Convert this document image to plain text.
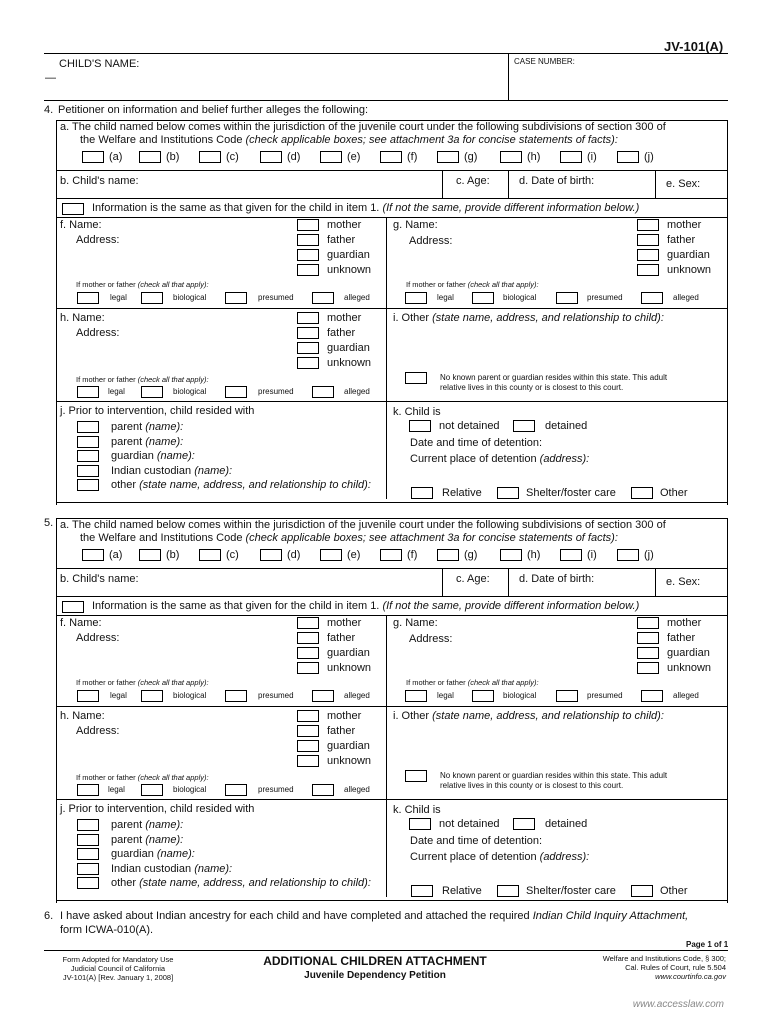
JV-101(A)
CHILD'S NAME:	CASE NUMBER:
—
4. Petitioner on information and belief further alleges the following:
a. The child named below comes within the jurisdiction of the juvenile court under the following subdivisions of section 300 of
the Welfare and Institutions Code (check applicable boxes; see attachment 3a for concise statements of facts):
(a)	(b)	(c)	(d)	(e)	(f)	(g)	(h)	(i)	(j)
b. Child's name:	c. Age:	d. Date of birth:	e. Sex:
Information is the same as that given for the child in item 1. (If not the same, provide different information below.)
f. Name:
Address:
mother
father
guardian
unknown
If mother or father (check all that apply):
legal	biological	presumed	alleged
g. Name:
Address:
mother
father
guardian
unknown
If mother or father (check all that apply):
legal	biological	presumed	alleged
h. Name:
Address:
mother
father
guardian
unknown
If mother or father (check all that apply):
legal	biological	presumed	alleged
i. Other (state name, address, and relationship to child):
No known parent or guardian resides within this state. This adult
relative lives in this county or is closest to this court.
j. Prior to intervention, child resided with
parent (name):
parent (name):
guardian (name):
Indian custodian (name):
other (state name, address, and relationship to child):
k. Child is
not detained	detained
Date and time of detention:
Current place of detention (address):
Relative	Shelter/foster care	Other
5. a. The child named below comes within the jurisdiction of the juvenile court under the following subdivisions of section 300 of
the Welfare and Institutions Code (check applicable boxes; see attachment 3a for concise statements of facts):
(a)	(b)	(c)	(d)	(e)	(f)	(g)	(h)	(i)	(j)
b. Child's name:	c. Age:	d. Date of birth:	e. Sex:
Information is the same as that given for the child in item 1. (If not the same, provide different information below.)
f. Name:
Address:
mother
father
guardian
unknown
If mother or father (check all that apply):
legal	biological	presumed	alleged
g. Name:
Address:
mother
father
guardian
unknown
If mother or father (check all that apply):
legal	biological	presumed	alleged
h. Name:
Address:
mother
father
guardian
unknown
If mother or father (check all that apply):
legal	biological	presumed	alleged
i. Other (state name, address, and relationship to child):
No known parent or guardian resides within this state. This adult
relative lives in this county or is closest to this court.
j. Prior to intervention, child resided with
parent (name):
parent (name):
guardian (name):
Indian custodian (name):
other (state name, address, and relationship to child):
k. Child is
not detained	detained
Date and time of detention:
Current place of detention (address):
Relative	Shelter/foster care	Other
6. I have asked about Indian ancestry for each child and have completed and attached the required Indian Child Inquiry Attachment,
form ICWA-010(A).
Page 1 of 1
Form Adopted for Mandatory Use
Judicial Council of California
JV-101(A) [Rev. January 1, 2008]
ADDITIONAL CHILDREN ATTACHMENT
Juvenile Dependency Petition
Welfare and Institutions Code, § 300;
Cal. Rules of Court, rule 5.504
www.courtinfo.ca.gov
www.accesslaw.com
